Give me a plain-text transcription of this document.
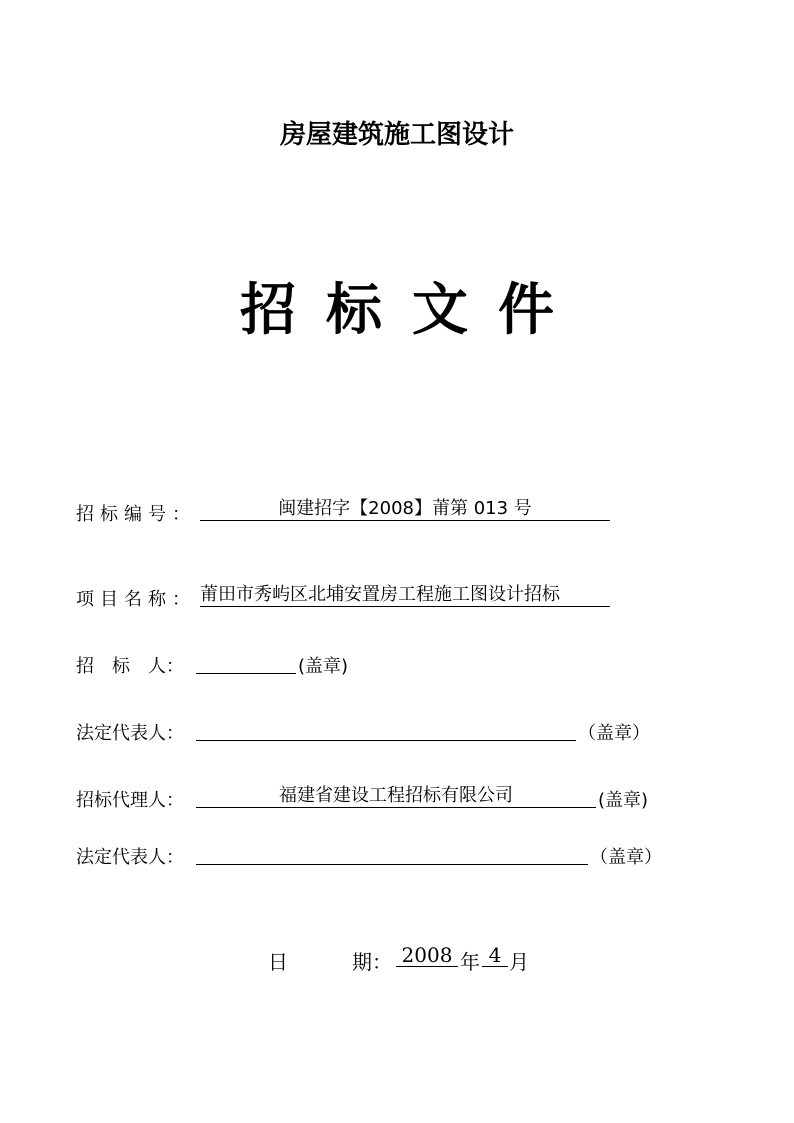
房屋建筑施工图设计
招标文件
招标编号：	闽建招字【2008】莆第 013 号
项目名称： 莆田市秀屿区北埔安置房工程施工图设计招标
招　标　人：	(盖章)
法定代表人：	（盖章）
招标代理人：	福建省建设工程招标有限公司	(盖章)
法定代表人：	（盖章）
日	期： 2008 年 4 月
